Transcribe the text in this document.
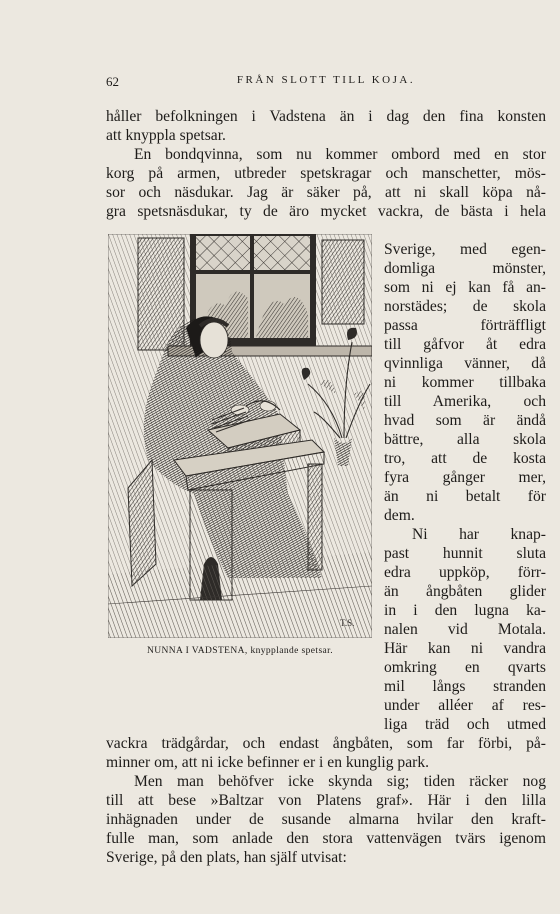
62	FRÅN SLOTT TILL KOJA.
håller befolkningen i Vadstena än i dag den fina konsten
att knyppla spetsar.
En bondqvinna, som nu kommer ombord med en stor
korg på armen, utbreder spetskragar och manschetter, mös-
sor och näsdukar. Jag är säker på, att ni skall köpa nå-
gra spetsnäsdukar, ty de äro mycket vackra, de bästa i hela
T.S.
NUNNA I VADSTENA, knypplande spetsar.
Sverige, med egen-
domliga mönster,
som ni ej kan få an-
norstädes; de skola
passa förträffligt
till gåfvor åt edra
qvinnliga vänner, då
ni kommer tillbaka
till Amerika, och
hvad som är ändå
bättre, alla skola
tro, att de kosta
fyra gånger mer,
än ni betalt för
dem.
Ni har knap-
past hunnit sluta
edra uppköp, förr-
än ångbåten glider
in i den lugna ka-
nalen vid Motala.
Här kan ni vandra
omkring en qvarts
mil långs stranden
under alléer af res-
liga träd och utmed
vackra trädgårdar, och endast ångbåten, som far förbi, på-
minner om, att ni icke befinner er i en kunglig park.
Men man behöfver icke skynda sig; tiden räcker nog
till att bese »Baltzar von Platens graf». Här i den lilla
inhägnaden under de susande almarna hvilar den kraft-
fulle man, som anlade den stora vattenvägen tvärs igenom
Sverige, på den plats, han själf utvisat:
